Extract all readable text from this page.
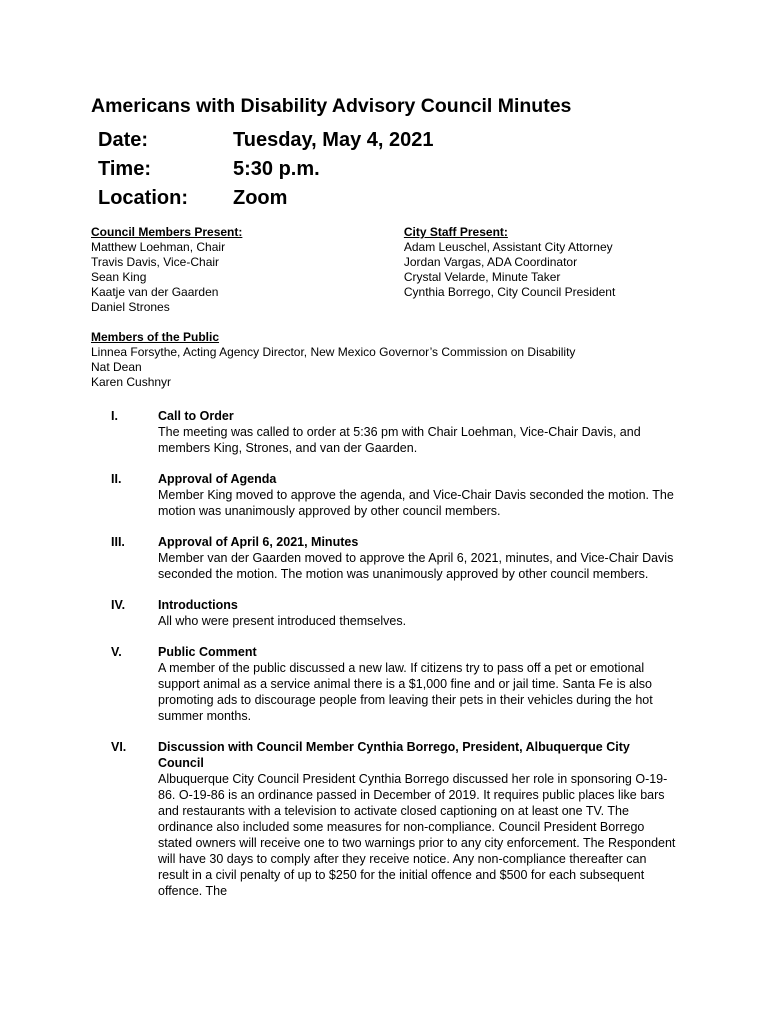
Americans with Disability Advisory Council Minutes
Date:	Tuesday, May 4, 2021
Time:	5:30 p.m.
Location:	Zoom
Council Members Present:
Matthew Loehman, Chair
Travis Davis, Vice-Chair
Sean King
Kaatje van der Gaarden
Daniel Strones
City Staff Present:
Adam Leuschel, Assistant City Attorney
Jordan Vargas, ADA Coordinator
Crystal Velarde, Minute Taker
Cynthia Borrego, City Council President
Members of the Public
Linnea Forsythe, Acting Agency Director, New Mexico Governor’s Commission on Disability
Nat Dean
Karen Cushnyr
I.	Call to Order
The meeting was called to order at 5:36 pm with Chair Loehman, Vice-Chair Davis, and members King, Strones, and van der Gaarden.
II.	Approval of Agenda
Member King moved to approve the agenda, and Vice-Chair Davis seconded the motion. The motion was unanimously approved by other council members.
III.	Approval of April 6, 2021, Minutes
Member van der Gaarden moved to approve the April 6, 2021, minutes, and Vice-Chair Davis seconded the motion. The motion was unanimously approved by other council members.
IV.	Introductions
All who were present introduced themselves.
V.	Public Comment
A member of the public discussed a new law. If citizens try to pass off a pet or emotional support animal as a service animal there is a $1,000 fine and or jail time. Santa Fe is also promoting ads to discourage people from leaving their pets in their vehicles during the hot summer months.
VI.	Discussion with Council Member Cynthia Borrego, President, Albuquerque City Council
Albuquerque City Council President Cynthia Borrego discussed her role in sponsoring O-19-86. O-19-86 is an ordinance passed in December of 2019. It requires public places like bars and restaurants with a television to activate closed captioning on at least one TV. The ordinance also included some measures for non-compliance. Council President Borrego stated owners will receive one to two warnings prior to any city enforcement. The Respondent will have 30 days to comply after they receive notice. Any non-compliance thereafter can result in a civil penalty of up to $250 for the initial offence and $500 for each subsequent offence. The
